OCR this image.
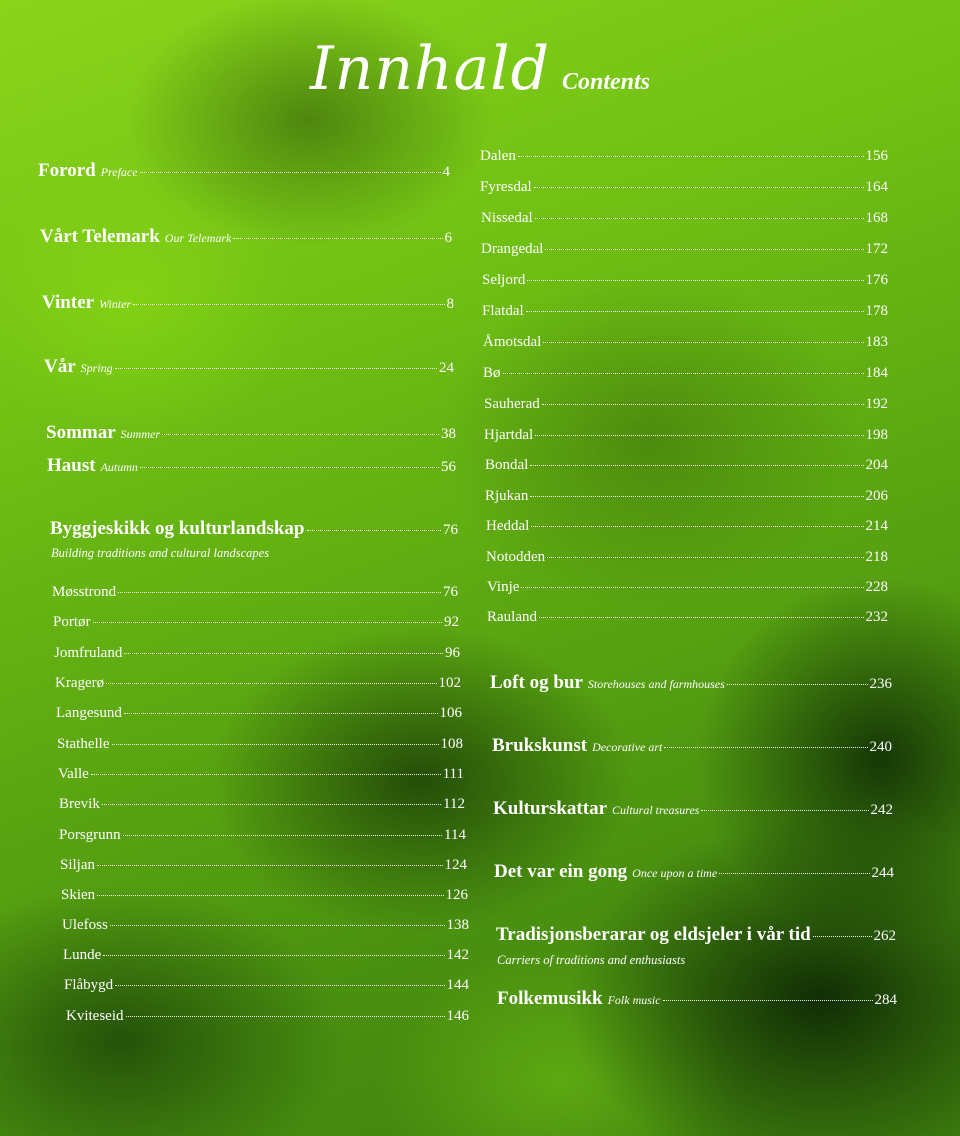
Innhald Contents
Forord Preface	4
Vårt Telemark Our Telemark	6
Vinter Winter	8
Vår Spring	24
Sommar Summer	38
Haust Autumn	56
Byggjeskikk og kulturlandskap	76
Building traditions and cultural landscapes
Møsstrond	76
Portør	92
Jomfruland	96
Kragerø	102
Langesund	106
Stathelle	108
Valle	111
Brevik	112
Porsgrunn	114
Siljan	124
Skien	126
Ulefoss	138
Lunde	142
Flåbygd	144
Kviteseid	146
Dalen	156
Fyresdal	164
Nissedal	168
Drangedal	172
Seljord	176
Flatdal	178
Åmotsdal	183
Bø	184
Sauherad	192
Hjartdal	198
Bondal	204
Rjukan	206
Heddal	214
Notodden	218
Vinje	228
Rauland	232
Loft og bur Storehouses and farmhouses	236
Brukskunst Decorative art	240
Kulturskattar Cultural treasures	242
Det var ein gong Once upon a time	244
Tradisjonsberarar og eldsjeler i vår tid	262
Carriers of traditions and enthusiasts
Folkemusikk Folk music	284
